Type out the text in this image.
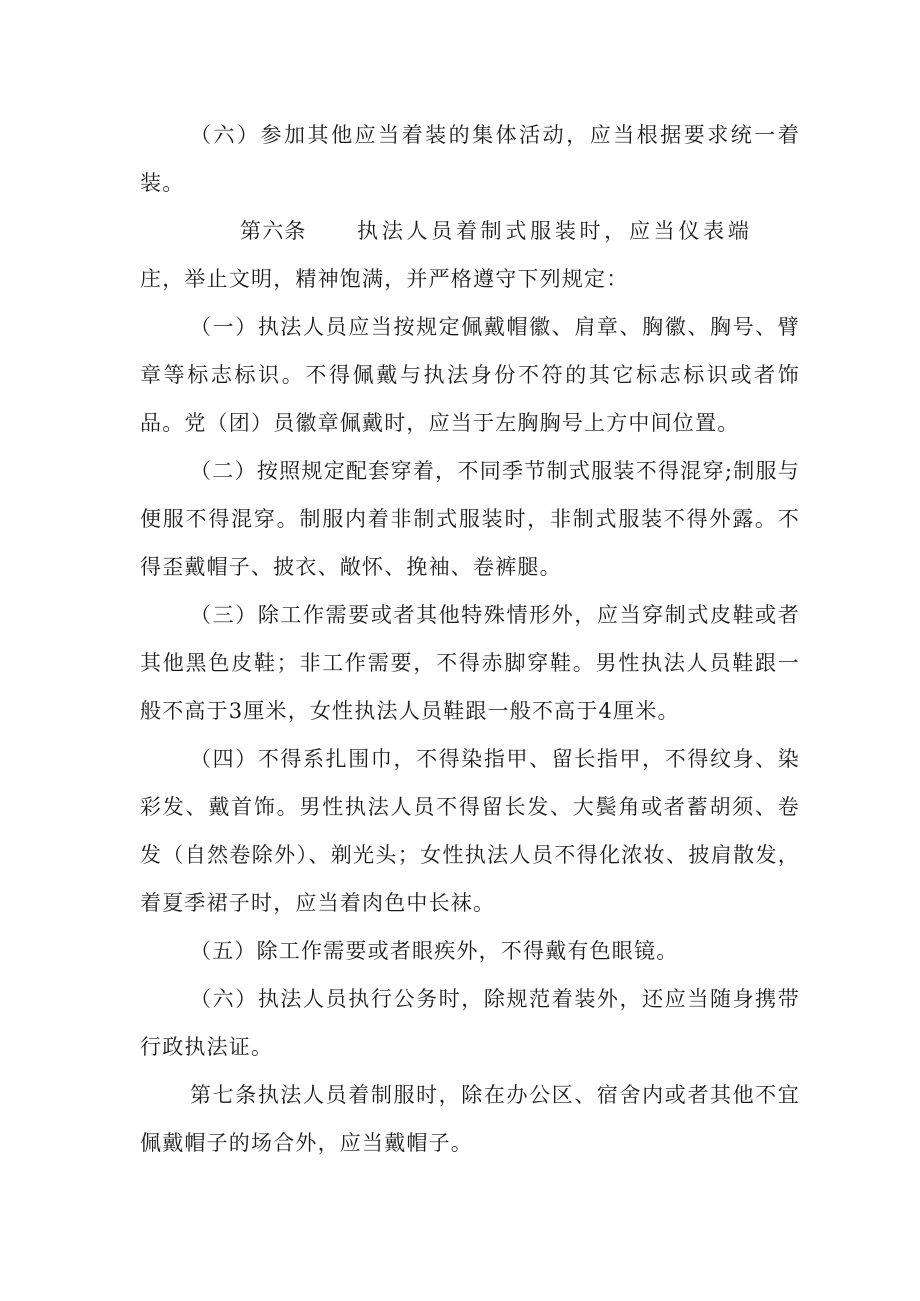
（六）参加其他应当着装的集体活动，应当根据要求统一着装。

第六条 执法人员着制式服装时，应当仪表端庄，举止文明，精神饱满，并严格遵守下列规定：

（一）执法人员应当按规定佩戴帽徽、肩章、胸徽、胸号、臂章等标志标识。不得佩戴与执法身份不符的其它标志标识或者饰品。党（团）员徽章佩戴时，应当于左胸胸号上方中间位置。

（二）按照规定配套穿着，不同季节制式服装不得混穿;制服与便服不得混穿。制服内着非制式服装时，非制式服装不得外露。不得歪戴帽子、披衣、敞怀、挽袖、卷裤腿。

（三）除工作需要或者其他特殊情形外，应当穿制式皮鞋或者其他黑色皮鞋；非工作需要，不得赤脚穿鞋。男性执法人员鞋跟一般不高于3厘米，女性执法人员鞋跟一般不高于4厘米。

（四）不得系扎围巾，不得染指甲、留长指甲，不得纹身、染彩发、戴首饰。男性执法人员不得留长发、大鬓角或者蓄胡须、卷发（自然卷除外）、剃光头；女性执法人员不得化浓妆、披肩散发，着夏季裙子时，应当着肉色中长袜。

（五）除工作需要或者眼疾外，不得戴有色眼镜。

（六）执法人员执行公务时，除规范着装外，还应当随身携带行政执法证。

第七条执法人员着制服时，除在办公区、宿舍内或者其他不宜佩戴帽子的场合外，应当戴帽子。
